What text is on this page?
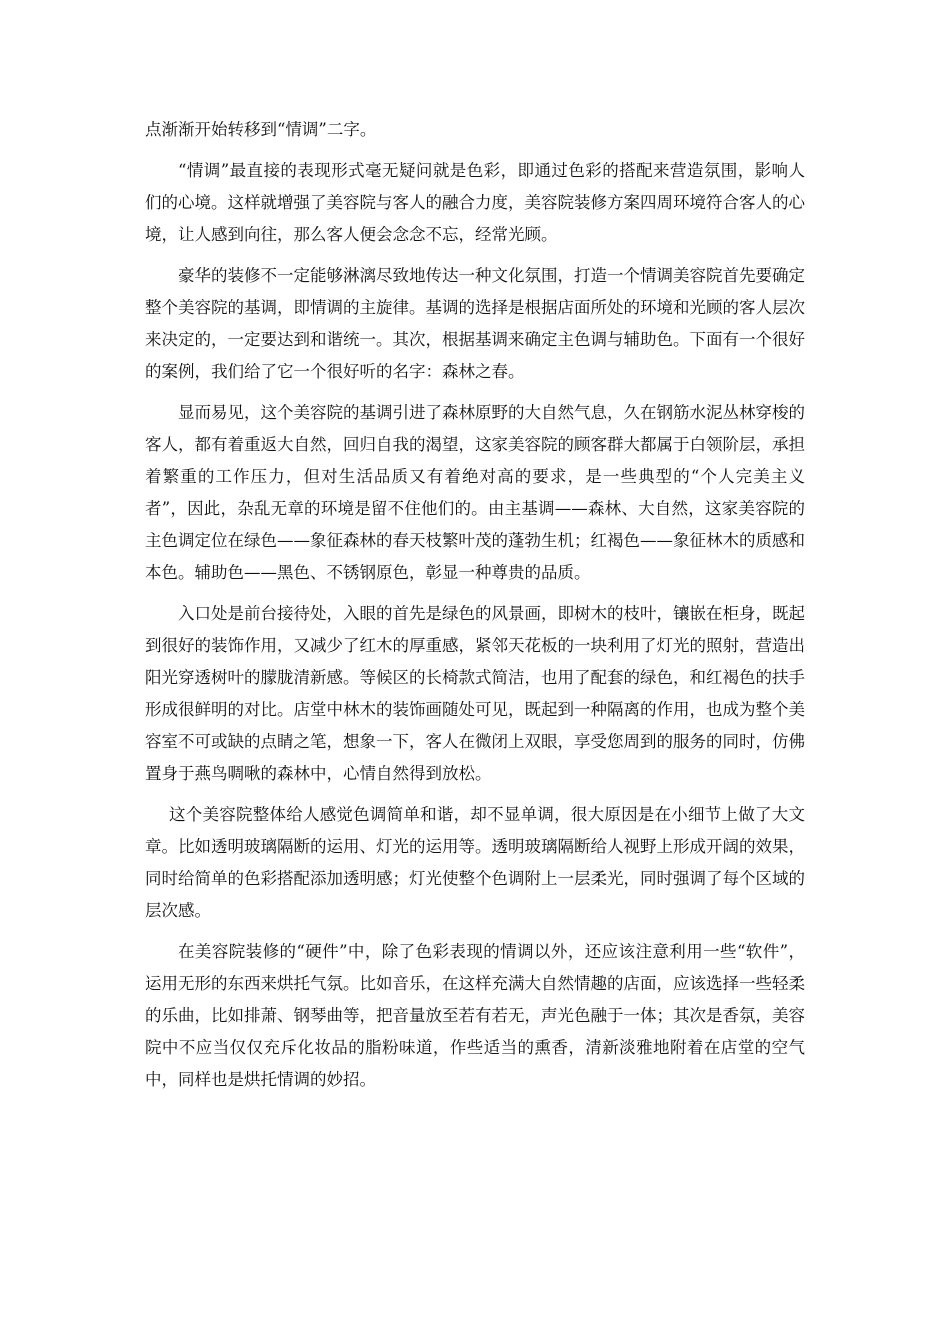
点渐渐开始转移到“情调”二字。

“情调”最直接的表现形式毫无疑问就是色彩，即通过色彩的搭配来营造氛围，影响人们的心境。这样就增强了美容院与客人的融合力度，美容院装修方案四周环境符合客人的心境，让人感到向往，那么客人便会念念不忘，经常光顾。

豪华的装修不一定能够淋漓尽致地传达一种文化氛围，打造一个情调美容院首先要确定整个美容院的基调，即情调的主旋律。基调的选择是根据店面所处的环境和光顾的客人层次来决定的，一定要达到和谐统一。其次，根据基调来确定主色调与辅助色。下面有一个很好的案例，我们给了它一个很好听的名字：森林之春。

显而易见，这个美容院的基调引进了森林原野的大自然气息，久在钢筋水泥丛林穿梭的客人，都有着重返大自然，回归自我的渴望，这家美容院的顾客群大都属于白领阶层，承担着繁重的工作压力，但对生活品质又有着绝对高的要求，是一些典型的“个人完美主义者”，因此，杂乱无章的环境是留不住他们的。由主基调——森林、大自然，这家美容院的主色调定位在绿色——象征森林的春天枝繁叶茂的蓬勃生机；红褐色——象征林木的质感和本色。辅助色——黑色、不锈钢原色，彰显一种尊贵的品质。

入口处是前台接待处，入眼的首先是绿色的风景画，即树木的枝叶，镶嵌在柜身，既起到很好的装饰作用，又减少了红木的厚重感，紧邻天花板的一块利用了灯光的照射，营造出阳光穿透树叶的朦胧清新感。等候区的长椅款式简洁，也用了配套的绿色，和红褐色的扶手形成很鲜明的对比。店堂中林木的装饰画随处可见，既起到一种隔离的作用，也成为整个美容室不可或缺的点睛之笔，想象一下，客人在微闭上双眼，享受您周到的服务的同时，仿佛置身于燕鸟啁啾的森林中，心情自然得到放松。

这个美容院整体给人感觉色调简单和谐，却不显单调，很大原因是在小细节上做了大文章。比如透明玻璃隔断的运用、灯光的运用等。透明玻璃隔断给人视野上形成开阔的效果，同时给简单的色彩搭配添加透明感；灯光使整个色调附上一层柔光，同时强调了每个区域的层次感。

在美容院装修的“硬件”中，除了色彩表现的情调以外，还应该注意利用一些“软件”，运用无形的东西来烘托气氛。比如音乐，在这样充满大自然情趣的店面，应该选择一些轻柔的乐曲，比如排萧、钢琴曲等，把音量放至若有若无，声光色融于一体；其次是香氛，美容院中不应当仅仅充斥化妆品的脂粉味道，作些适当的熏香，清新淡雅地附着在店堂的空气中，同样也是烘托情调的妙招。
